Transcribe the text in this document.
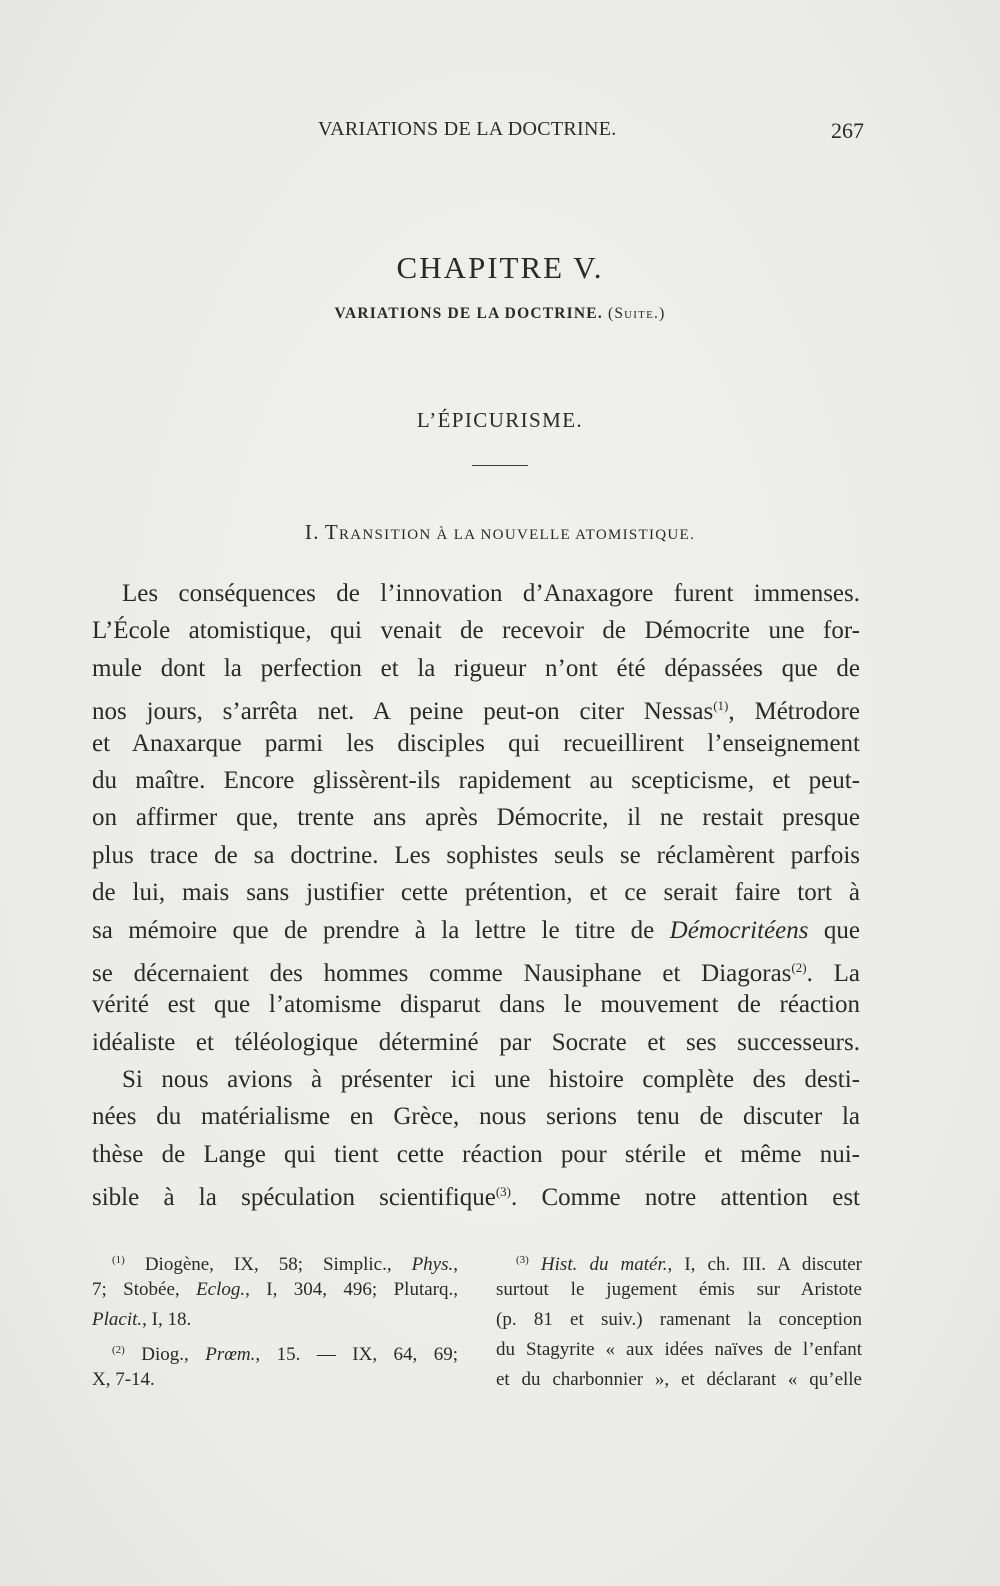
VARIATIONS DE LA DOCTRINE.	267
CHAPITRE V.
VARIATIONS DE LA DOCTRINE. (Suite.)
L’ÉPICURISME.
I. TRANSITION À LA NOUVELLE ATOMISTIQUE.
Les conséquences de l’innovation d’Anaxagore furent immenses.
L’École atomistique, qui venait de recevoir de Démocrite une for-
mule dont la perfection et la rigueur n’ont été dépassées que de
nos jours, s’arrêta net. A peine peut-on citer Nessas$^{(1)}$, Métrodore
et Anaxarque parmi les disciples qui recueillirent l’enseignement
du maître. Encore glissèrent-ils rapidement au scepticisme, et peut-
on affirmer que, trente ans après Démocrite, il ne restait presque
plus trace de sa doctrine. Les sophistes seuls se réclamèrent parfois
de lui, mais sans justifier cette prétention, et ce serait faire tort à
sa mémoire que de prendre à la lettre le titre de Démocritéens que
se décernaient des hommes comme Nausiphane et Diagoras$^{(2)}$. La
vérité est que l’atomisme disparut dans le mouvement de réaction
idéaliste et téléologique déterminé par Socrate et ses successeurs.
Si nous avions à présenter ici une histoire complète des desti-
nées du matérialisme en Grèce, nous serions tenu de discuter la
thèse de Lange qui tient cette réaction pour stérile et même nui-
sible à la spéculation scientifique$^{(3)}$. Comme notre attention est
$^{(1)}$ Diogène, IX, 58; Simplic., Phys.,
7; Stobée, Eclog., I, 304, 496; Plutarq.,
Placit., I, 18.
$^{(2)}$ Diog., Prœm., 15. — IX, 64, 69;
X, 7-14.
$^{(3)}$ Hist. du matér., I, ch. III. A discuter
surtout le jugement émis sur Aristote
(p. 81 et suiv.) ramenant la conception
du Stagyrite « aux idées naïves de l’enfant
et du charbonnier », et déclarant « qu’elle
